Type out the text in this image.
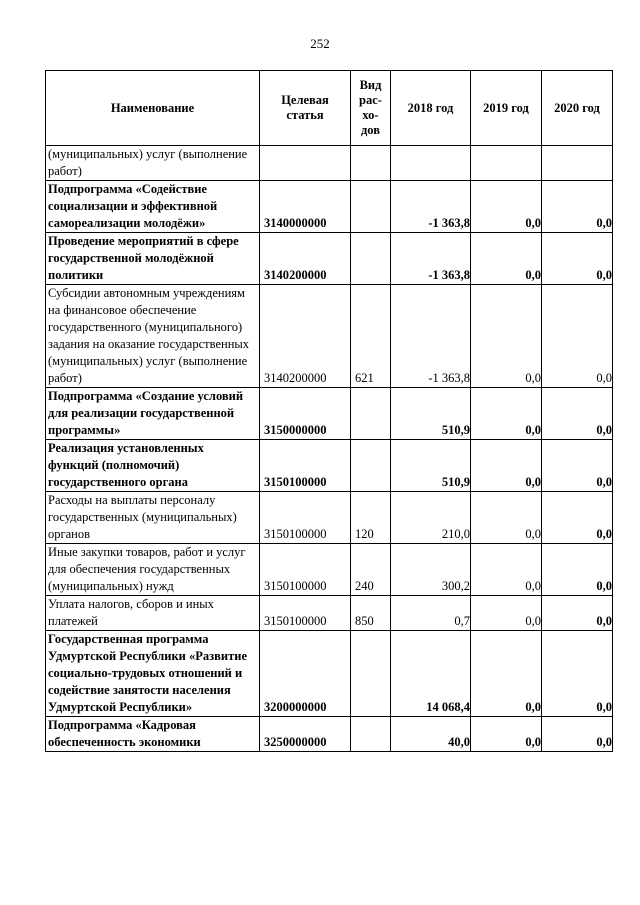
252
Наименование	Целевая статья	Вид
рас-
хо-
дов	2018 год	2019 год	2020 год
(муниципальных) услуг (выполнение работ)					
Подпрограмма «Содействие социализации и эффективной самореализации молодёжи»	3140000000		-1 363,8	0,0	0,0
Проведение мероприятий в сфере государственной молодёжной политики	3140200000		-1 363,8	0,0	0,0
Субсидии автономным учреждениям на финансовое обеспечение государственного (муниципального) задания на оказание государственных (муниципальных) услуг (выполнение работ)	3140200000	621	-1 363,8	0,0	0,0
Подпрограмма «Создание условий для реализации государственной программы»	3150000000		510,9	0,0	0,0
Реализация установленных функций (полномочий) государственного органа	3150100000		510,9	0,0	0,0
Расходы на выплаты персоналу государственных (муниципальных) органов	3150100000	120	210,0	0,0	0,0
Иные закупки товаров, работ и услуг для обеспечения государственных (муниципальных) нужд	3150100000	240	300,2	0,0	0,0
Уплата налогов, сборов и иных платежей	3150100000	850	0,7	0,0	0,0
Государственная программа Удмуртской Республики «Развитие социально-трудовых отношений и содействие занятости населения Удмуртской Республики»	3200000000		14 068,4	0,0	0,0
Подпрограмма «Кадровая обеспеченность экономики	3250000000		40,0	0,0	0,0
